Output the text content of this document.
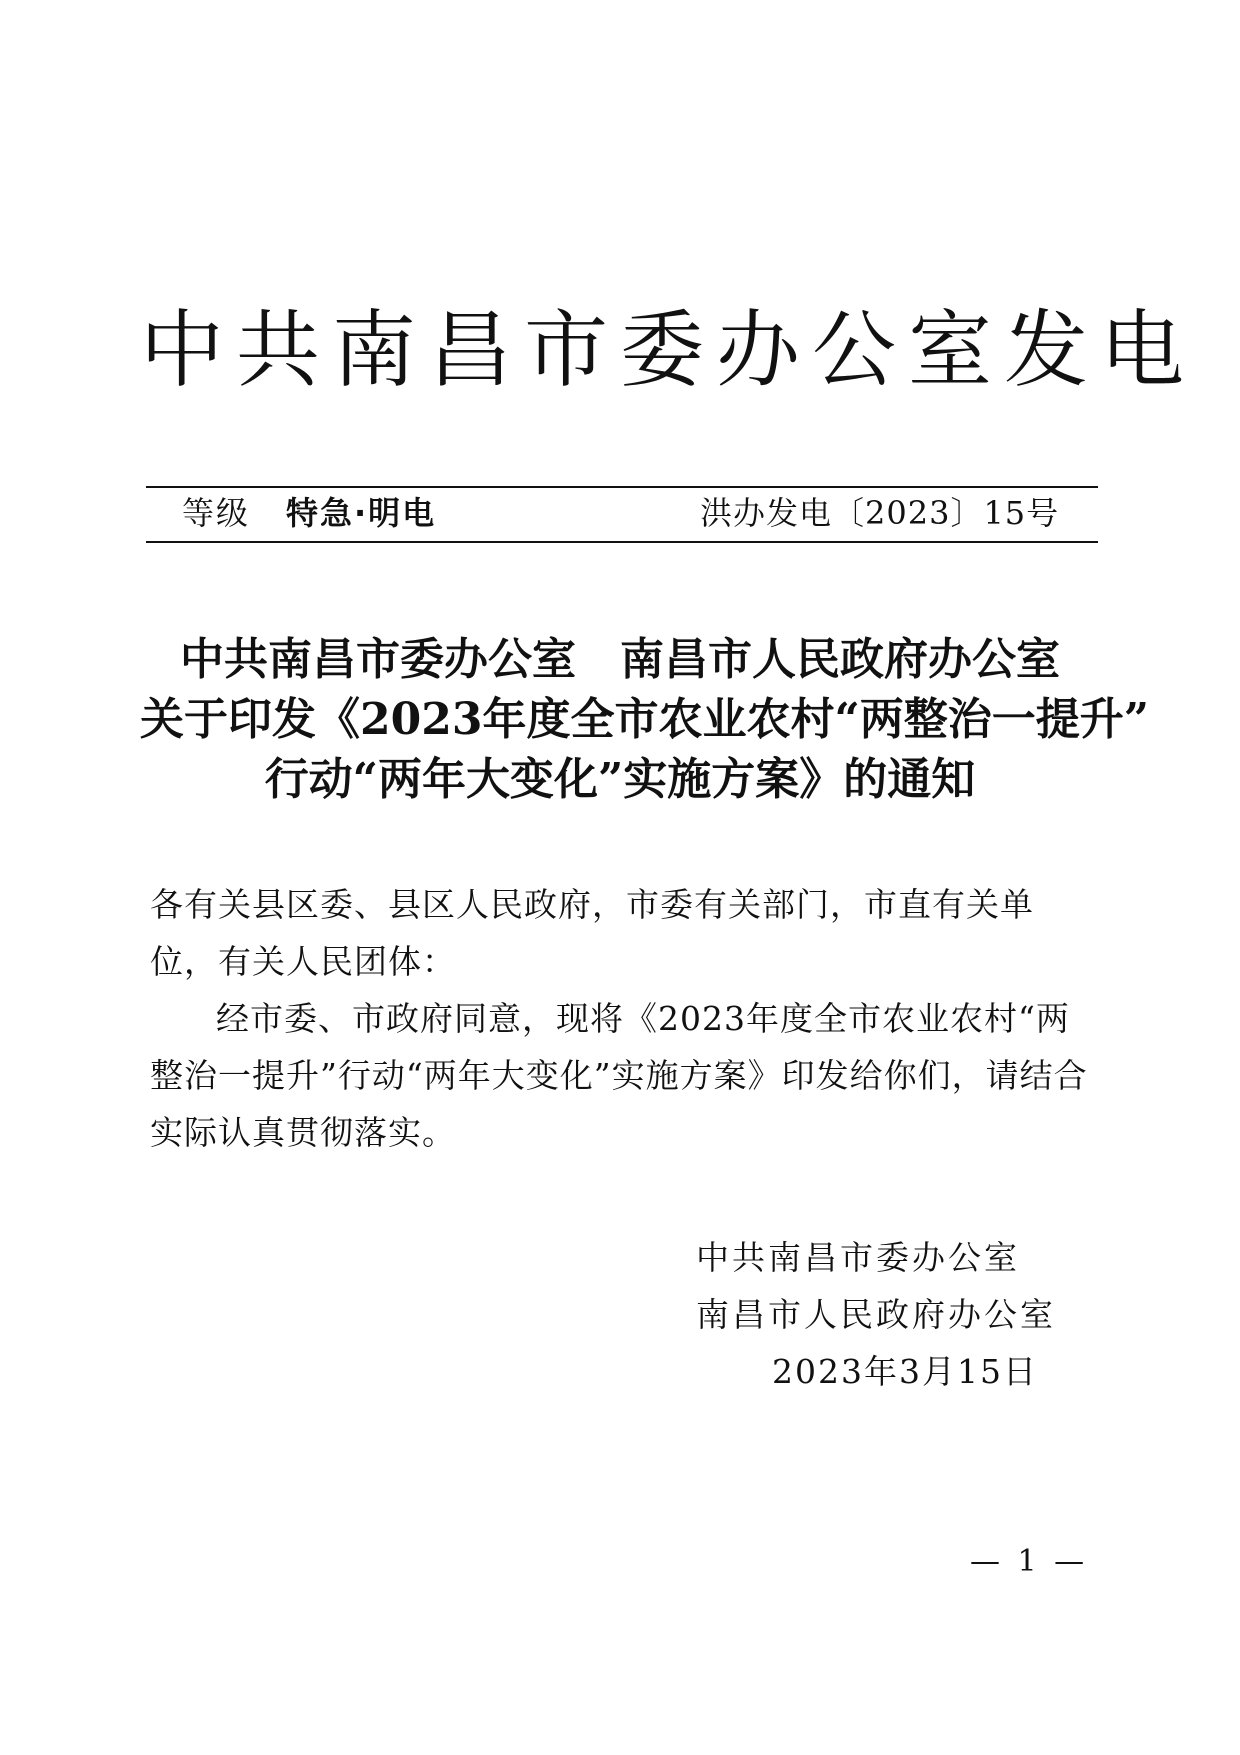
中共南昌市委办公室发电
等级 特急·明电	洪办发电〔2023〕15号
中共南昌市委办公室　南昌市人民政府办公室
关于印发《2023年度全市农业农村“两整治一提升”
行动“两年大变化”实施方案》的通知
各有关县区委、县区人民政府，市委有关部门，市直有关单位，有关人民团体：
经市委、市政府同意，现将《2023年度全市农业农村“两整治一提升”行动“两年大变化”实施方案》印发给你们，请结合实际认真贯彻落实。
中共南昌市委办公室
南昌市人民政府办公室
2023年3月15日
— 1 —
